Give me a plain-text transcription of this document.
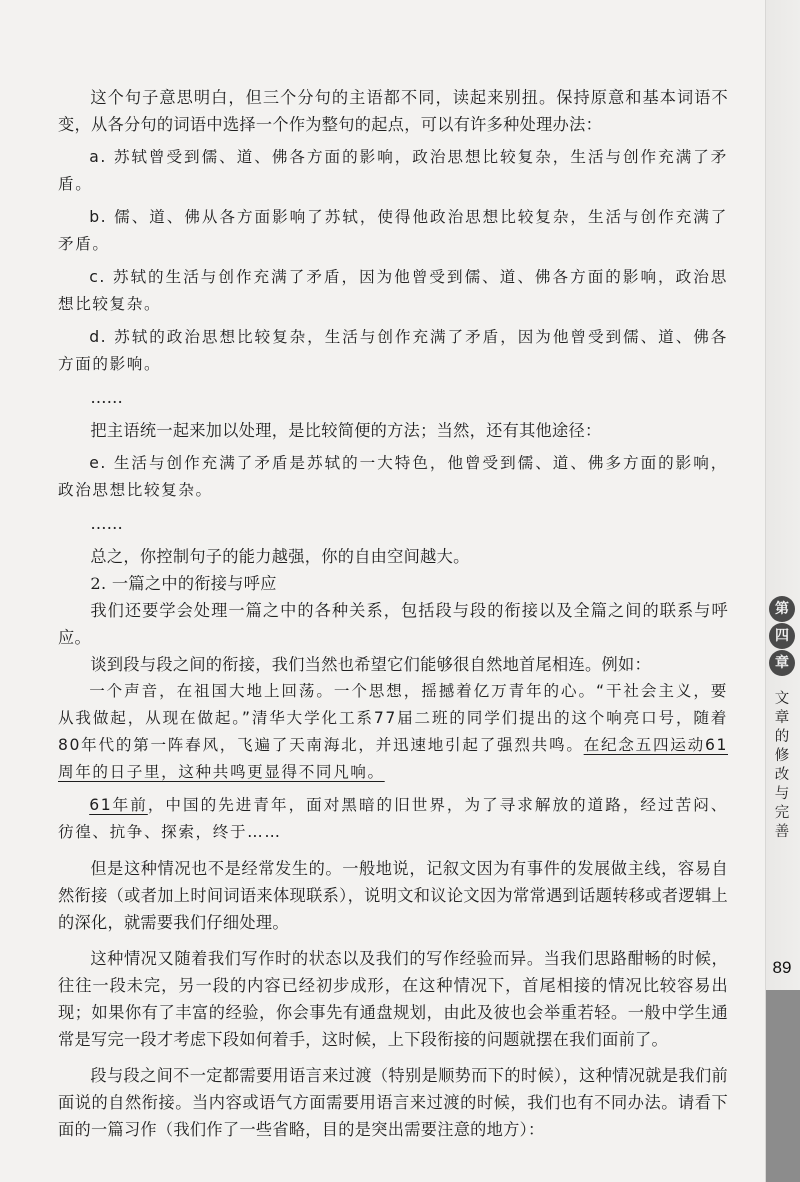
这个句子意思明白，但三个分句的主语都不同，读起来别扭。保持原意和基本词语不变，从各分句的词语中选择一个作为整句的起点，可以有许多种处理办法：

a. 苏轼曾受到儒、道、佛各方面的影响，政治思想比较复杂，生活与创作充满了矛盾。

b. 儒、道、佛从各方面影响了苏轼，使得他政治思想比较复杂，生活与创作充满了矛盾。

c. 苏轼的生活与创作充满了矛盾，因为他曾受到儒、道、佛各方面的影响，政治思想比较复杂。

d. 苏轼的政治思想比较复杂，生活与创作充满了矛盾，因为他曾受到儒、道、佛各方面的影响。

……

把主语统一起来加以处理，是比较简便的方法；当然，还有其他途径：

e. 生活与创作充满了矛盾是苏轼的一大特色，他曾受到儒、道、佛多方面的影响，政治思想比较复杂。

……

总之，你控制句子的能力越强，你的自由空间越大。

2. 一篇之中的衔接与呼应

我们还要学会处理一篇之中的各种关系，包括段与段的衔接以及全篇之间的联系与呼应。

谈到段与段之间的衔接，我们当然也希望它们能够很自然地首尾相连。例如：

一个声音，在祖国大地上回荡。一个思想，摇撼着亿万青年的心。“干社会主义，要从我做起，从现在做起。”清华大学化工系77届二班的同学们提出的这个响亮口号，随着80年代的第一阵春风，飞遍了天南海北，并迅速地引起了强烈共鸣。在纪念五四运动61周年的日子里，这种共鸣更显得不同凡响。

61年前，中国的先进青年，面对黑暗的旧世界，为了寻求解放的道路，经过苦闷、彷徨、抗争、探索，终于……

但是这种情况也不是经常发生的。一般地说，记叙文因为有事件的发展做主线，容易自然衔接（或者加上时间词语来体现联系），说明文和议论文因为常常遇到话题转移或者逻辑上的深化，就需要我们仔细处理。

这种情况又随着我们写作时的状态以及我们的写作经验而异。当我们思路酣畅的时候，往往一段未完，另一段的内容已经初步成形，在这种情况下，首尾相接的情况比较容易出现；如果你有了丰富的经验，你会事先有通盘规划，由此及彼也会举重若轻。一般中学生通常是写完一段才考虑下段如何着手，这时候，上下段衔接的问题就摆在我们面前了。

段与段之间不一定都需要用语言来过渡（特别是顺势而下的时候），这种情况就是我们前面说的自然衔接。当内容或语气方面需要用语言来过渡的时候，我们也有不同办法。请看下面的一篇习作（我们作了一些省略，目的是突出需要注意的地方）：

第
四
章
文
章
的
修
改
与
完
善
89
